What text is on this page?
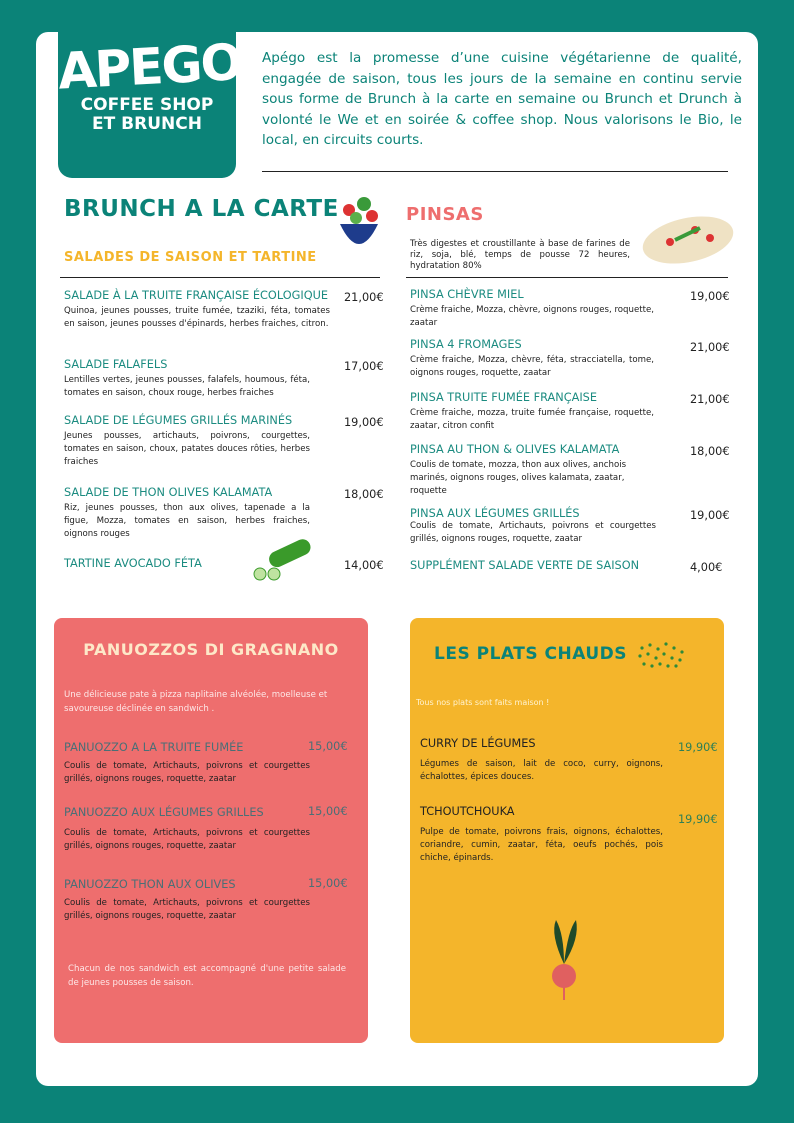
APEGO
COFFEE SHOP
ET BRUNCH
Apégo est la promesse d’une cuisine végétarienne de qualité, engagée de saison, tous les jours de la semaine en continu servie sous forme de Brunch à la carte en semaine ou Brunch et Drunch à volonté le We et en soirée & coffee shop. Nous valorisons le Bio, le local, en circuits courts.
BRUNCH A LA CARTE
SALADES DE SAISON ET TARTINE
SALADE À LA TRUITE FRANÇAISE ÉCOLOGIQUE
Quinoa, jeunes pousses, truite fumée, tzaziki, féta, tomates en saison, jeunes pousses d'épinards, herbes fraiches, citron.
21,00€
SALADE FALAFELS
Lentilles vertes, jeunes pousses, falafels, houmous, féta, tomates en saison, choux rouge, herbes fraiches
17,00€
SALADE DE LÉGUMES GRILLÉS MARINÉS
Jeunes pousses, artichauts, poivrons, courgettes, tomates en saison, choux, patates douces rôties, herbes fraiches
19,00€
SALADE DE THON OLIVES KALAMATA
Riz, jeunes pousses, thon aux olives, tapenade a la figue, Mozza, tomates en saison, herbes fraiches, oignons rouges
18,00€
TARTINE AVOCADO FÉTA	14,00€
PINSAS
Très digestes et croustillante à base de farines de riz, soja, blé, temps de pousse 72 heures, hydratation 80%
PINSA CHÈVRE MIEL
Crème fraiche, Mozza, chèvre, oignons rouges, roquette, zaatar
19,00€
PINSA 4 FROMAGES
Crème fraiche, Mozza, chèvre, féta, stracciatella, tome, oignons rouges, roquette, zaatar
21,00€
PINSA TRUITE FUMÉE FRANÇAISE
Crème fraiche, mozza, truite fumée française, roquette, zaatar, citron confit
21,00€
PINSA AU THON & OLIVES KALAMATA
Coulis de tomate, mozza, thon aux olives, anchois marinés, oignons rouges, olives kalamata, zaatar, roquette
18,00€
PINSA AUX LÉGUMES GRILLÉS
Coulis de tomate, Artichauts, poivrons et courgettes grillés, oignons rouges, roquette, zaatar
19,00€
SUPPLÉMENT SALADE VERTE DE SAISON	4,00€
PANUOZZOS DI GRAGNANO
Une délicieuse pate à pizza naplitaine alvéolée, moelleuse et savoureuse déclinée en sandwich .
PANUOZZO A LA TRUITE FUMÉE
Coulis de tomate, Artichauts, poivrons et courgettes grillés, oignons rouges, roquette, zaatar
15,00€
PANUOZZO AUX LÉGUMES GRILLES
Coulis de tomate, Artichauts, poivrons et courgettes grillés, oignons rouges, roquette, zaatar
15,00€
PANUOZZO THON AUX OLIVES
Coulis de tomate, Artichauts, poivrons et courgettes grillés, oignons rouges, roquette, zaatar
15,00€
Chacun de nos sandwich est accompagné d'une petite salade de jeunes pousses de saison.
LES PLATS CHAUDS
Tous nos plats sont faits maison !
CURRY DE LÉGUMES
Légumes de saison, lait de coco, curry, oignons, échalottes, épices douces.
19,90€
TCHOUTCHOUKA
Pulpe de tomate, poivrons frais, oignons, échalottes, coriandre, cumin, zaatar, féta, oeufs pochés, pois chiche, épinards.
19,90€
